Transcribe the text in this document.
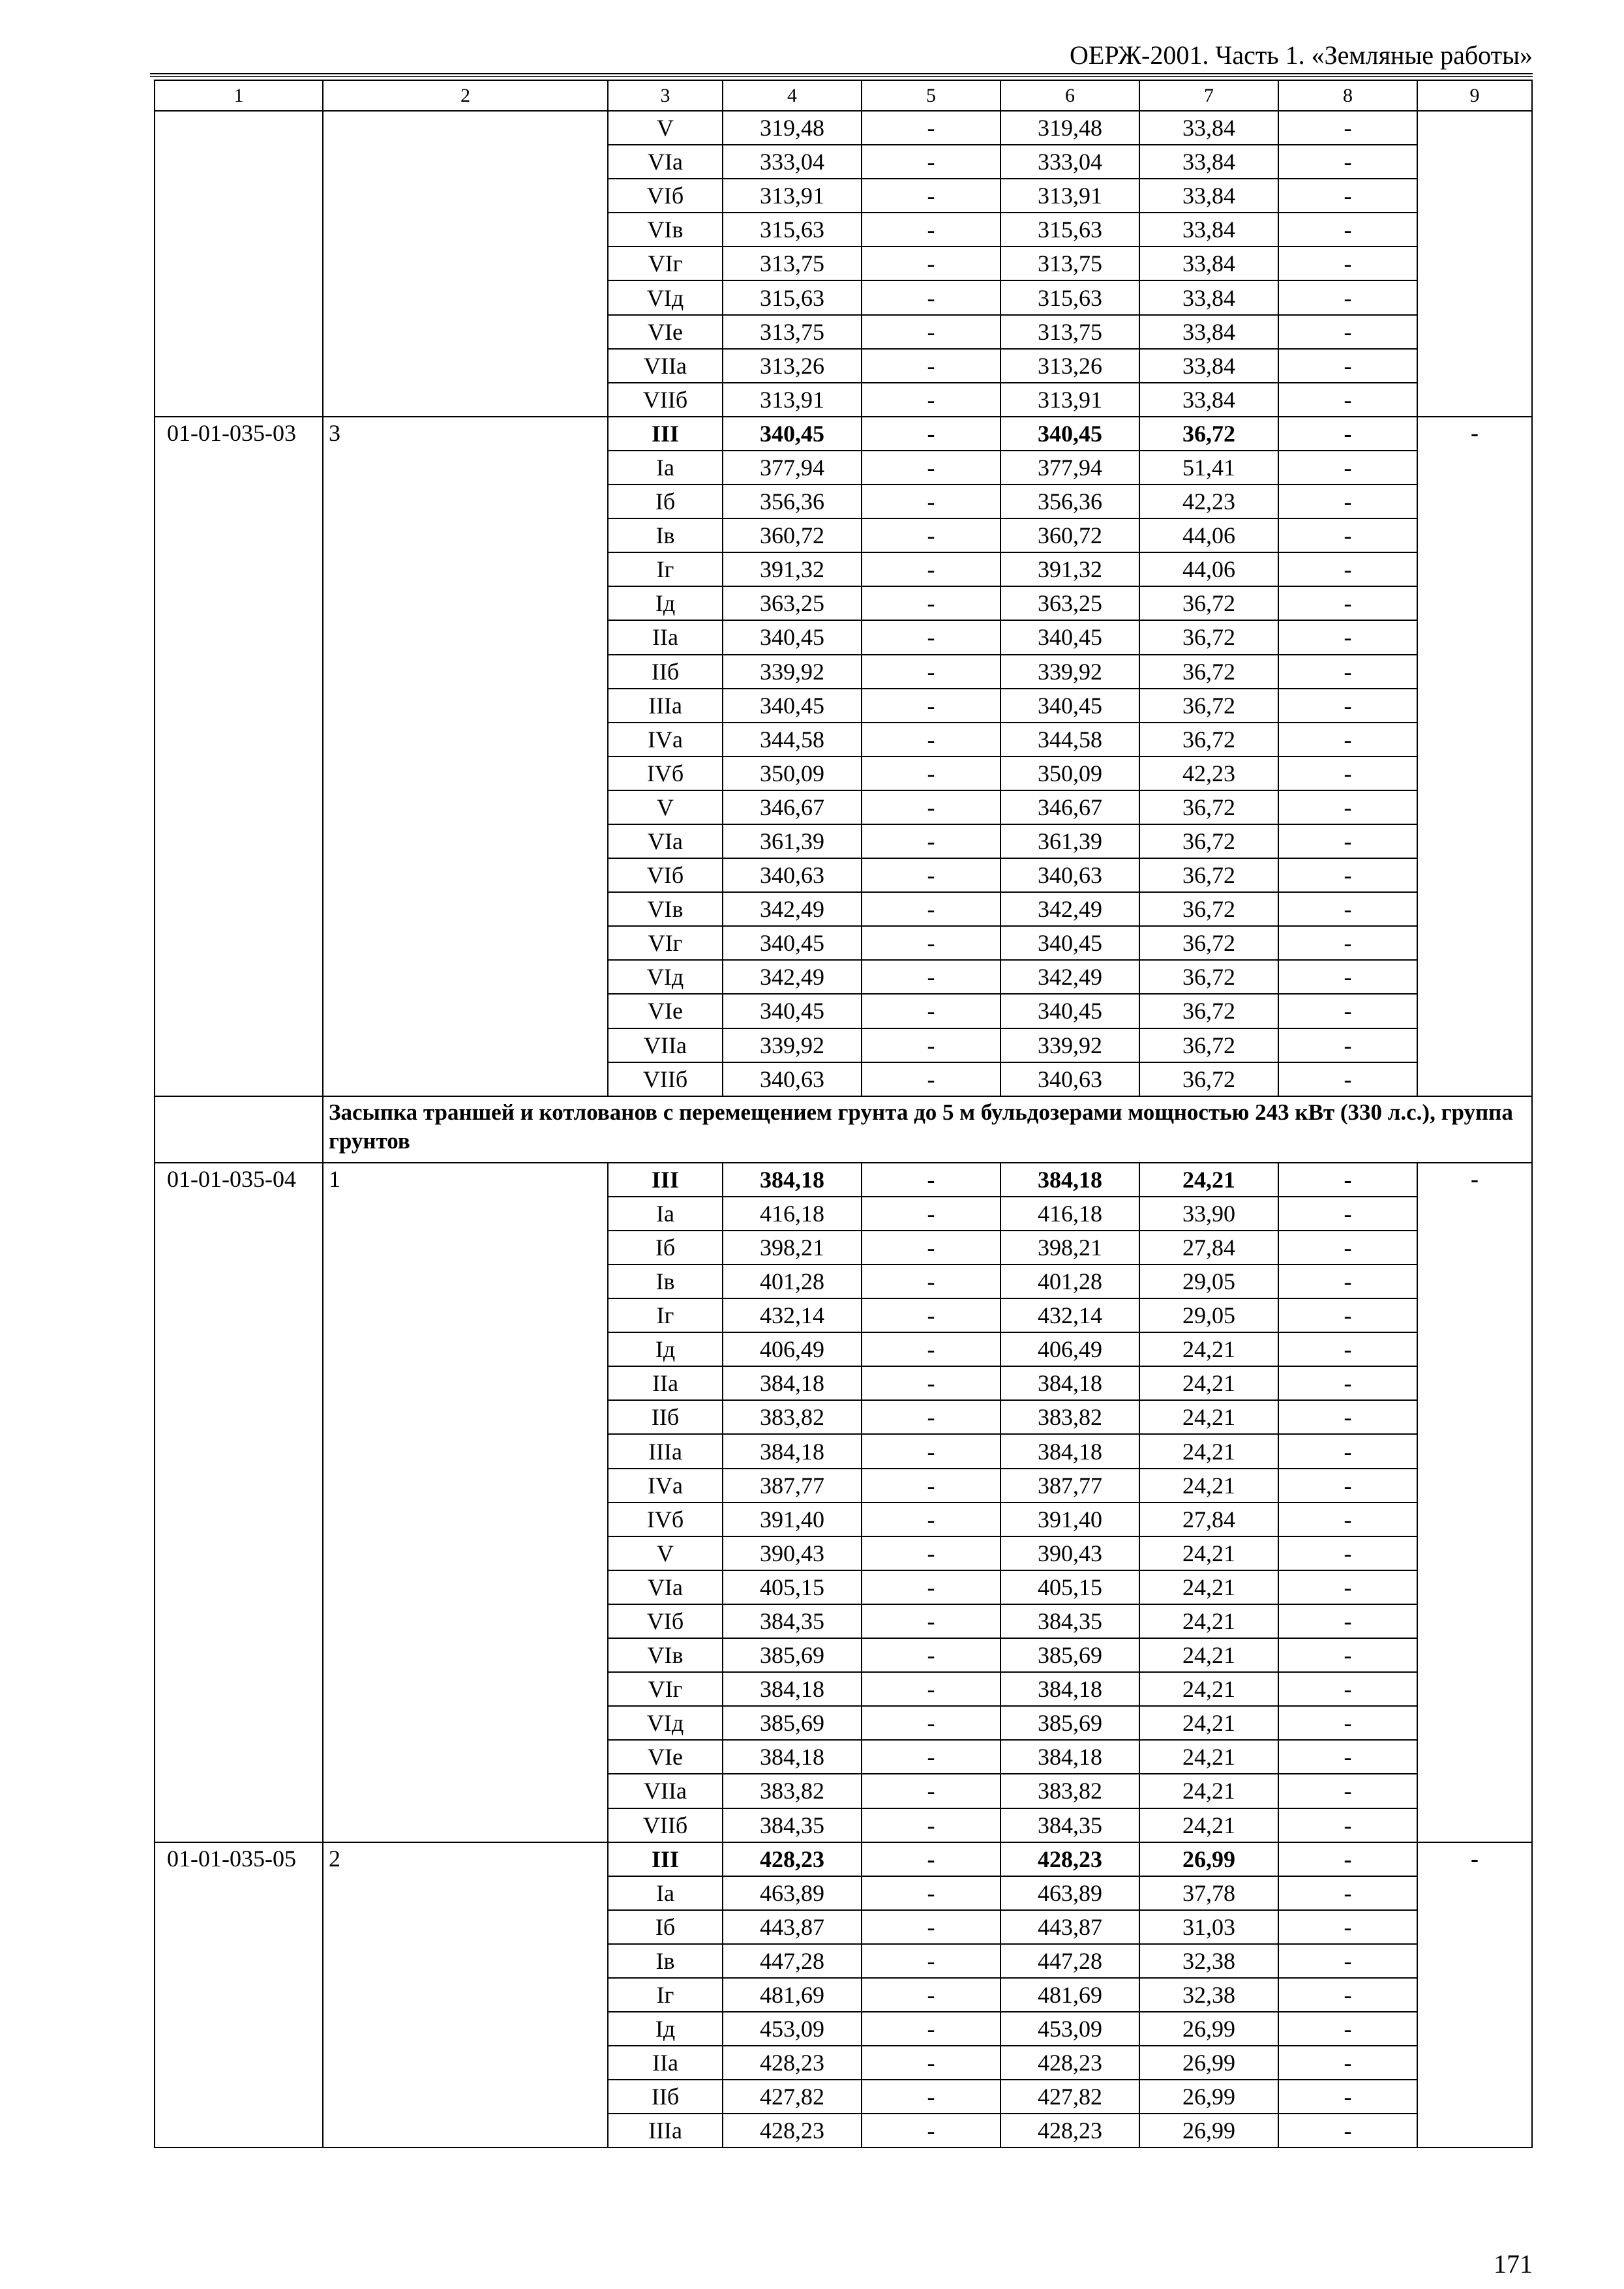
ОЕРЖ-2001. Часть 1. «Земляные работы»
1	2	3	4	5	6	7	8	9
		V	319,48	-	319,48	33,84	-	
		VIа	333,04	-	333,04	33,84	-	
		VIб	313,91	-	313,91	33,84	-	
		VIв	315,63	-	315,63	33,84	-	
		VIг	313,75	-	313,75	33,84	-	
		VIд	315,63	-	315,63	33,84	-	
		VIе	313,75	-	313,75	33,84	-	
		VIIа	313,26	-	313,26	33,84	-	
		VIIб	313,91	-	313,91	33,84	-	
01-01-035-03	3	III	340,45	-	340,45	36,72	-	-
		Iа	377,94	-	377,94	51,41	-	
		Iб	356,36	-	356,36	42,23	-	
		Iв	360,72	-	360,72	44,06	-	
		Iг	391,32	-	391,32	44,06	-	
		Iд	363,25	-	363,25	36,72	-	
		IIа	340,45	-	340,45	36,72	-	
		IIб	339,92	-	339,92	36,72	-	
		IIIа	340,45	-	340,45	36,72	-	
		IVа	344,58	-	344,58	36,72	-	
		IVб	350,09	-	350,09	42,23	-	
		V	346,67	-	346,67	36,72	-	
		VIа	361,39	-	361,39	36,72	-	
		VIб	340,63	-	340,63	36,72	-	
		VIв	342,49	-	342,49	36,72	-	
		VIг	340,45	-	340,45	36,72	-	
		VIд	342,49	-	342,49	36,72	-	
		VIе	340,45	-	340,45	36,72	-	
		VIIа	339,92	-	339,92	36,72	-	
		VIIб	340,63	-	340,63	36,72	-	
	Засыпка траншей и котлованов с перемещением грунта до 5 м бульдозерами мощностью 243 кВт (330 л.с.), группа грунтов							
01-01-035-04	1	III	384,18	-	384,18	24,21	-	-
		Iа	416,18	-	416,18	33,90	-	
		Iб	398,21	-	398,21	27,84	-	
		Iв	401,28	-	401,28	29,05	-	
		Iг	432,14	-	432,14	29,05	-	
		Iд	406,49	-	406,49	24,21	-	
		IIа	384,18	-	384,18	24,21	-	
		IIб	383,82	-	383,82	24,21	-	
		IIIа	384,18	-	384,18	24,21	-	
		IVа	387,77	-	387,77	24,21	-	
		IVб	391,40	-	391,40	27,84	-	
		V	390,43	-	390,43	24,21	-	
		VIа	405,15	-	405,15	24,21	-	
		VIб	384,35	-	384,35	24,21	-	
		VIв	385,69	-	385,69	24,21	-	
		VIг	384,18	-	384,18	24,21	-	
		VIд	385,69	-	385,69	24,21	-	
		VIе	384,18	-	384,18	24,21	-	
		VIIа	383,82	-	383,82	24,21	-	
		VIIб	384,35	-	384,35	24,21	-	
01-01-035-05	2	III	428,23	-	428,23	26,99	-	-
		Iа	463,89	-	463,89	37,78	-	
		Iб	443,87	-	443,87	31,03	-	
		Iв	447,28	-	447,28	32,38	-	
		Iг	481,69	-	481,69	32,38	-	
		Iд	453,09	-	453,09	26,99	-	
		IIа	428,23	-	428,23	26,99	-	
		IIб	427,82	-	427,82	26,99	-	
		IIIа	428,23	-	428,23	26,99	-	
171
